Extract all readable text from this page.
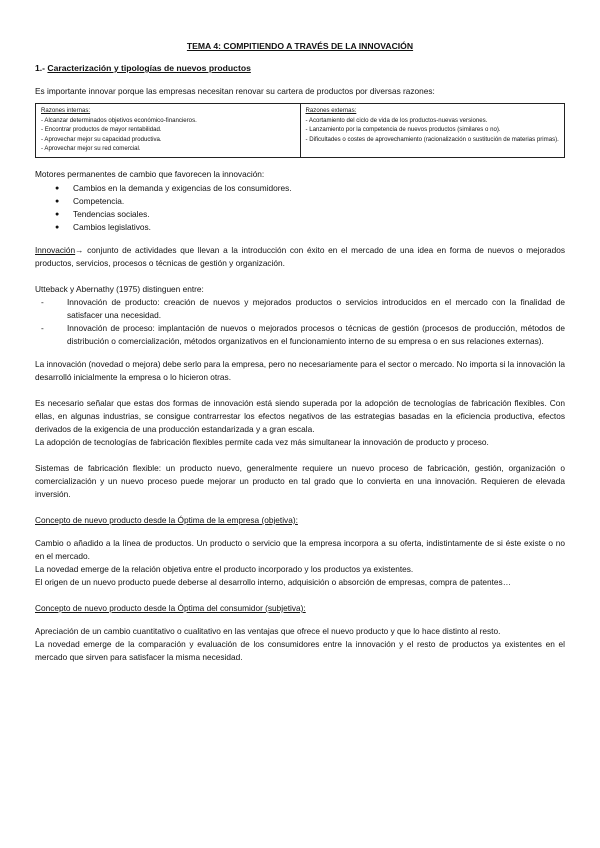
TEMA 4: COMPITIENDO A TRAVÉS DE LA INNOVACIÓN

1.- Caracterización y tipologías de nuevos productos

Es importante innovar porque las empresas necesitan renovar su cartera de productos por diversas razones:

Razones internas:
- Alcanzar determinados objetivos económico-financieros.
- Encontrar productos de mayor rentabilidad.
- Aprovechar mejor su capacidad productiva.
- Aprovechar mejor su red comercial.
	Razones externas:
- Acortamiento del ciclo de vida de los productos-nuevas versiones.
- Lanzamiento por la competencia de nuevos productos (similares o no).
- Dificultades o costes de aprovechamiento (racionalización o sustitución de materias primas).

Motores permanentes de cambio que favorecen la innovación:

● Cambios en la demanda y exigencias de los consumidores.
● Competencia.
● Tendencias sociales.
● Cambios legislativos.

Innovación→ conjunto de actividades que llevan a la introducción con éxito en el mercado de una idea en forma de nuevos o mejorados productos, servicios, procesos o técnicas de gestión y organización.

Utteback y Abernathy (1975) distinguen entre:

- Innovación de producto: creación de nuevos y mejorados productos o servicios introducidos en el mercado con la finalidad de satisfacer una necesidad.
- Innovación de proceso: implantación de nuevos o mejorados procesos o técnicas de gestión (procesos de producción, métodos de distribución o comercialización, métodos organizativos en el funcionamiento interno de su empresa o en sus relaciones externas).

La innovación (novedad o mejora) debe serlo para la empresa, pero no necesariamente para el sector o mercado. No importa si la innovación la desarrolló inicialmente la empresa o lo hicieron otras.

Es necesario señalar que estas dos formas de innovación está siendo superada por la adopción de tecnologías de fabricación flexibles. Con ellas, en algunas industrias, se consigue contrarrestar los efectos negativos de las estrategias basadas en la eficiencia productiva, efectos derivados de la exigencia de una producción estandarizada y a gran escala.

La adopción de tecnologías de fabricación flexibles permite cada vez más simultanear la innovación de producto y proceso.

Sistemas de fabricación flexible: un producto nuevo, generalmente requiere un nuevo proceso de fabricación, gestión, organización o comercialización y un nuevo proceso puede mejorar un producto en tal grado que lo convierta en una innovación. Requieren de elevada inversión.

Concepto de nuevo producto desde la Óptima de la empresa (objetiva):

Cambio o añadido a la línea de productos. Un producto o servicio que la empresa incorpora a su oferta, indistintamente de si éste existe o no en el mercado.

La novedad emerge de la relación objetiva entre el producto incorporado y los productos ya existentes.

El origen de un nuevo producto puede deberse al desarrollo interno, adquisición o absorción de empresas, compra de patentes…

Concepto de nuevo producto desde la Óptima del consumidor (subjetiva):

Apreciación de un cambio cuantitativo o cualitativo en las ventajas que ofrece el nuevo producto y que lo hace distinto al resto.

La novedad emerge de la comparación y evaluación de los consumidores entre la innovación y el resto de productos ya existentes en el mercado que sirven para satisfacer la misma necesidad.
